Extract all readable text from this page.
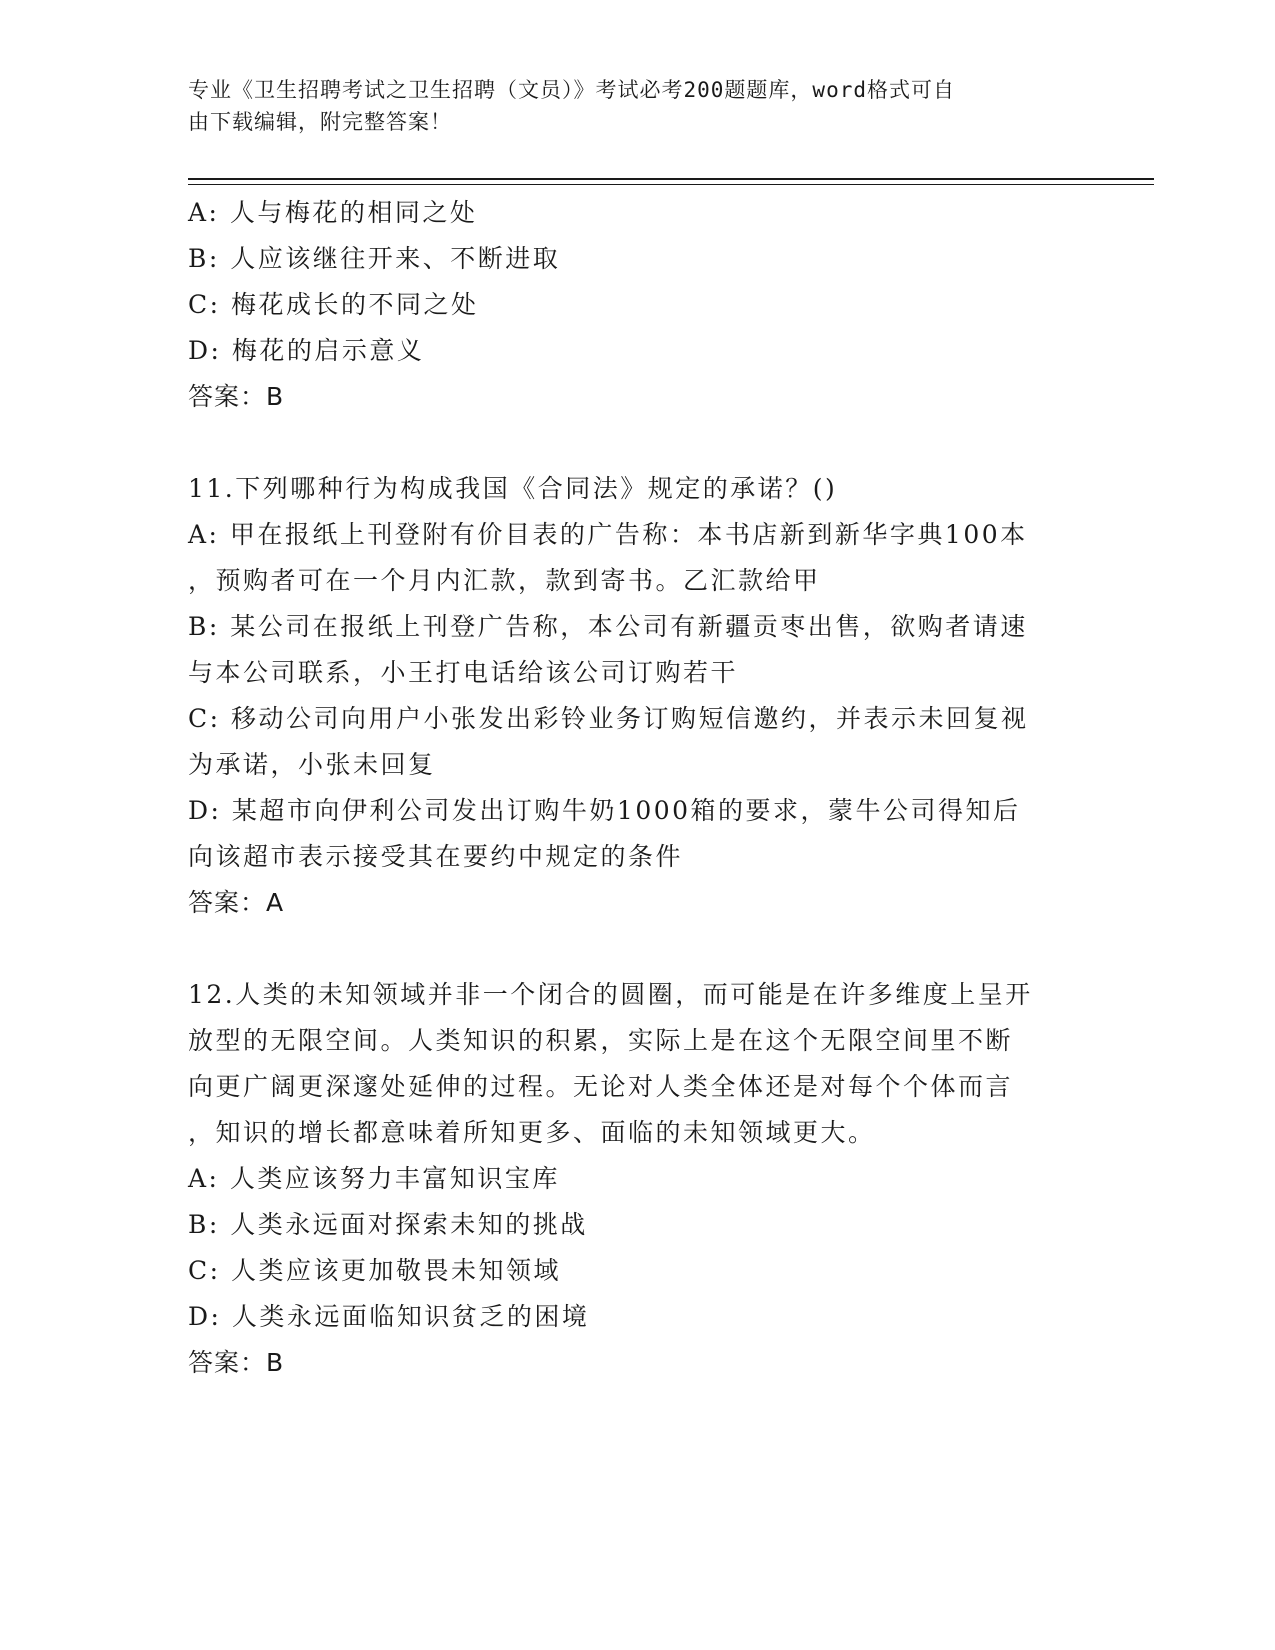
专业《卫生招聘考试之卫生招聘（文员）》考试必考200题题库，word格式可自
由下载编辑，附完整答案！
A: 人与梅花的相同之处
B: 人应该继往开来、不断进取
C: 梅花成长的不同之处
D: 梅花的启示意义
答案：B
11.下列哪种行为构成我国《合同法》规定的承诺？()
A: 甲在报纸上刊登附有价目表的广告称：本书店新到新华字典100本
，预购者可在一个月内汇款，款到寄书。乙汇款给甲
B: 某公司在报纸上刊登广告称，本公司有新疆贡枣出售，欲购者请速
与本公司联系，小王打电话给该公司订购若干
C: 移动公司向用户小张发出彩铃业务订购短信邀约，并表示未回复视
为承诺，小张未回复
D: 某超市向伊利公司发出订购牛奶1000箱的要求，蒙牛公司得知后
向该超市表示接受其在要约中规定的条件
答案：A
12.人类的未知领域并非一个闭合的圆圈，而可能是在许多维度上呈开
放型的无限空间。人类知识的积累，实际上是在这个无限空间里不断
向更广阔更深邃处延伸的过程。无论对人类全体还是对每个个体而言
，知识的增长都意味着所知更多、面临的未知领域更大。
A: 人类应该努力丰富知识宝库
B: 人类永远面对探索未知的挑战
C: 人类应该更加敬畏未知领域
D: 人类永远面临知识贫乏的困境
答案：B
